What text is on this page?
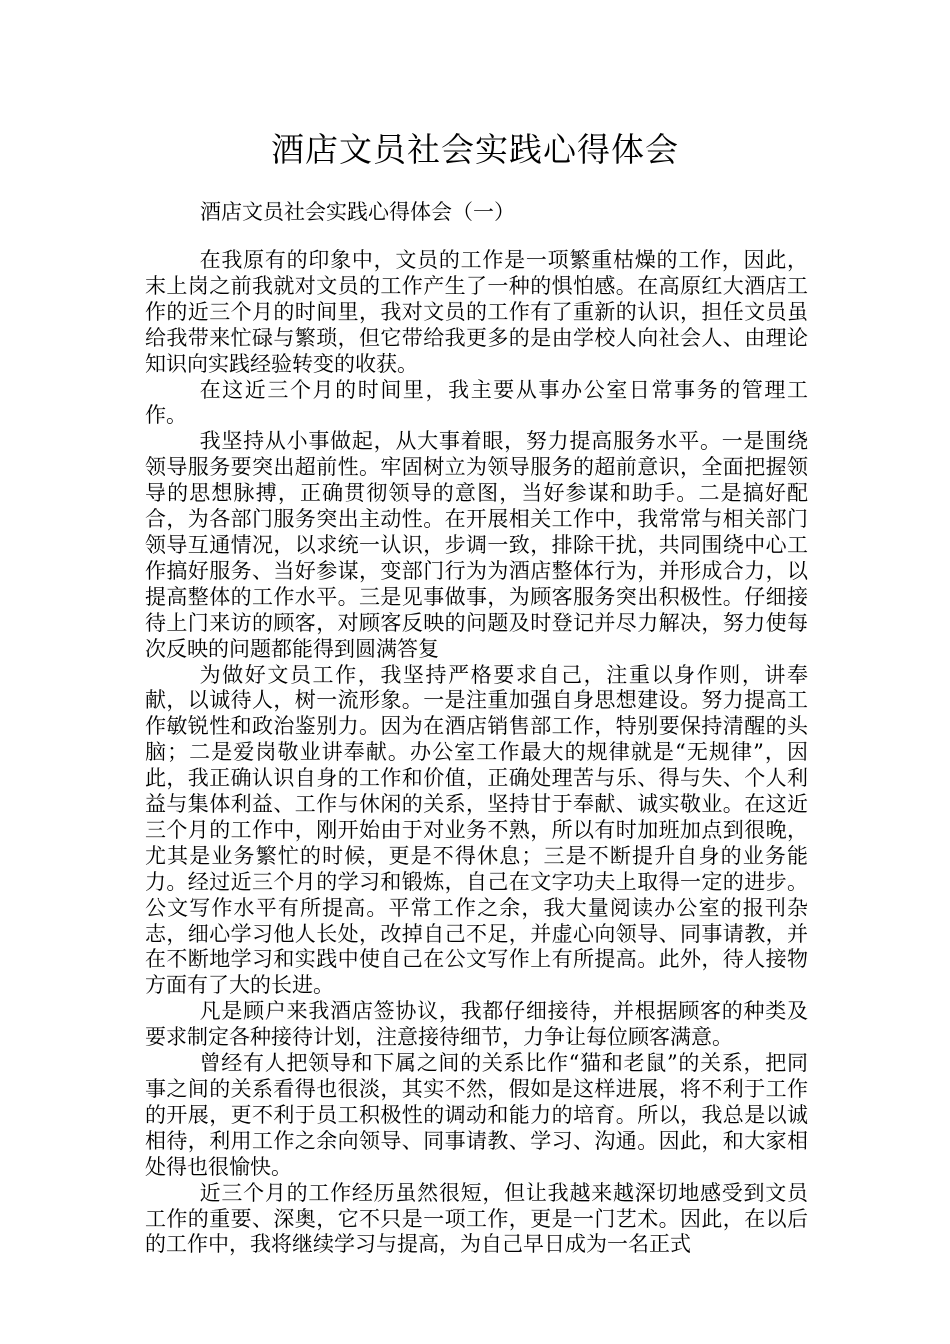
酒店文员社会实践心得体会
酒店文员社会实践心得体会（一）

在我原有的印象中，文员的工作是一项繁重枯燥的工作，因此，末上岗之前我就对文员的工作产生了一种的惧怕感。在高原红大酒店工作的近三个月的时间里，我对文员的工作有了重新的认识，担任文员虽给我带来忙碌与繁琐，但它带给我更多的是由学校人向社会人、由理论知识向实践经验转变的收获。

在这近三个月的时间里，我主要从事办公室日常事务的管理工作。

我坚持从小事做起，从大事着眼，努力提高服务水平。一是围绕领导服务要突出超前性。牢固树立为领导服务的超前意识，全面把握领导的思想脉搏，正确贯彻领导的意图，当好参谋和助手。二是搞好配合，为各部门服务突出主动性。在开展相关工作中，我常常与相关部门领导互通情况，以求统一认识，步调一致，排除干扰，共同围绕中心工作搞好服务、当好参谋，变部门行为为酒店整体行为，并形成合力，以提高整体的工作水平。三是见事做事，为顾客服务突出积极性。仔细接待上门来访的顾客，对顾客反映的问题及时登记并尽力解决，努力使每次反映的问题都能得到圆满答复

为做好文员工作，我坚持严格要求自己，注重以身作则，讲奉献，以诚待人，树一流形象。一是注重加强自身思想建设。努力提高工作敏锐性和政治鉴别力。因为在酒店销售部工作，特别要保持清醒的头脑；二是爱岗敬业讲奉献。办公室工作最大的规律就是“无规律”，因此，我正确认识自身的工作和价值，正确处理苦与乐、得与失、个人利益与集体利益、工作与休闲的关系，坚持甘于奉献、诚实敬业。在这近三个月的工作中，刚开始由于对业务不熟，所以有时加班加点到很晚，尤其是业务繁忙的时候，更是不得休息；三是不断提升自身的业务能力。经过近三个月的学习和锻炼，自己在文字功夫上取得一定的进步。公文写作水平有所提高。平常工作之余，我大量阅读办公室的报刊杂志，细心学习他人长处，改掉自己不足，并虚心向领导、同事请教，并在不断地学习和实践中使自己在公文写作上有所提高。此外，待人接物方面有了大的长进。

凡是顾户来我酒店签协议，我都仔细接待，并根据顾客的种类及要求制定各种接待计划，注意接待细节，力争让每位顾客满意。

曾经有人把领导和下属之间的关系比作“猫和老鼠”的关系，把同事之间的关系看得也很淡，其实不然，假如是这样进展，将不利于工作的开展，更不利于员工积极性的调动和能力的培育。所以，我总是以诚相待，利用工作之余向领导、同事请教、学习、沟通。因此，和大家相处得也很愉快。

近三个月的工作经历虽然很短，但让我越来越深切地感受到文员工作的重要、深奥，它不只是一项工作，更是一门艺术。因此，在以后的工作中，我将继续学习与提高，为自己早日成为一名正式
